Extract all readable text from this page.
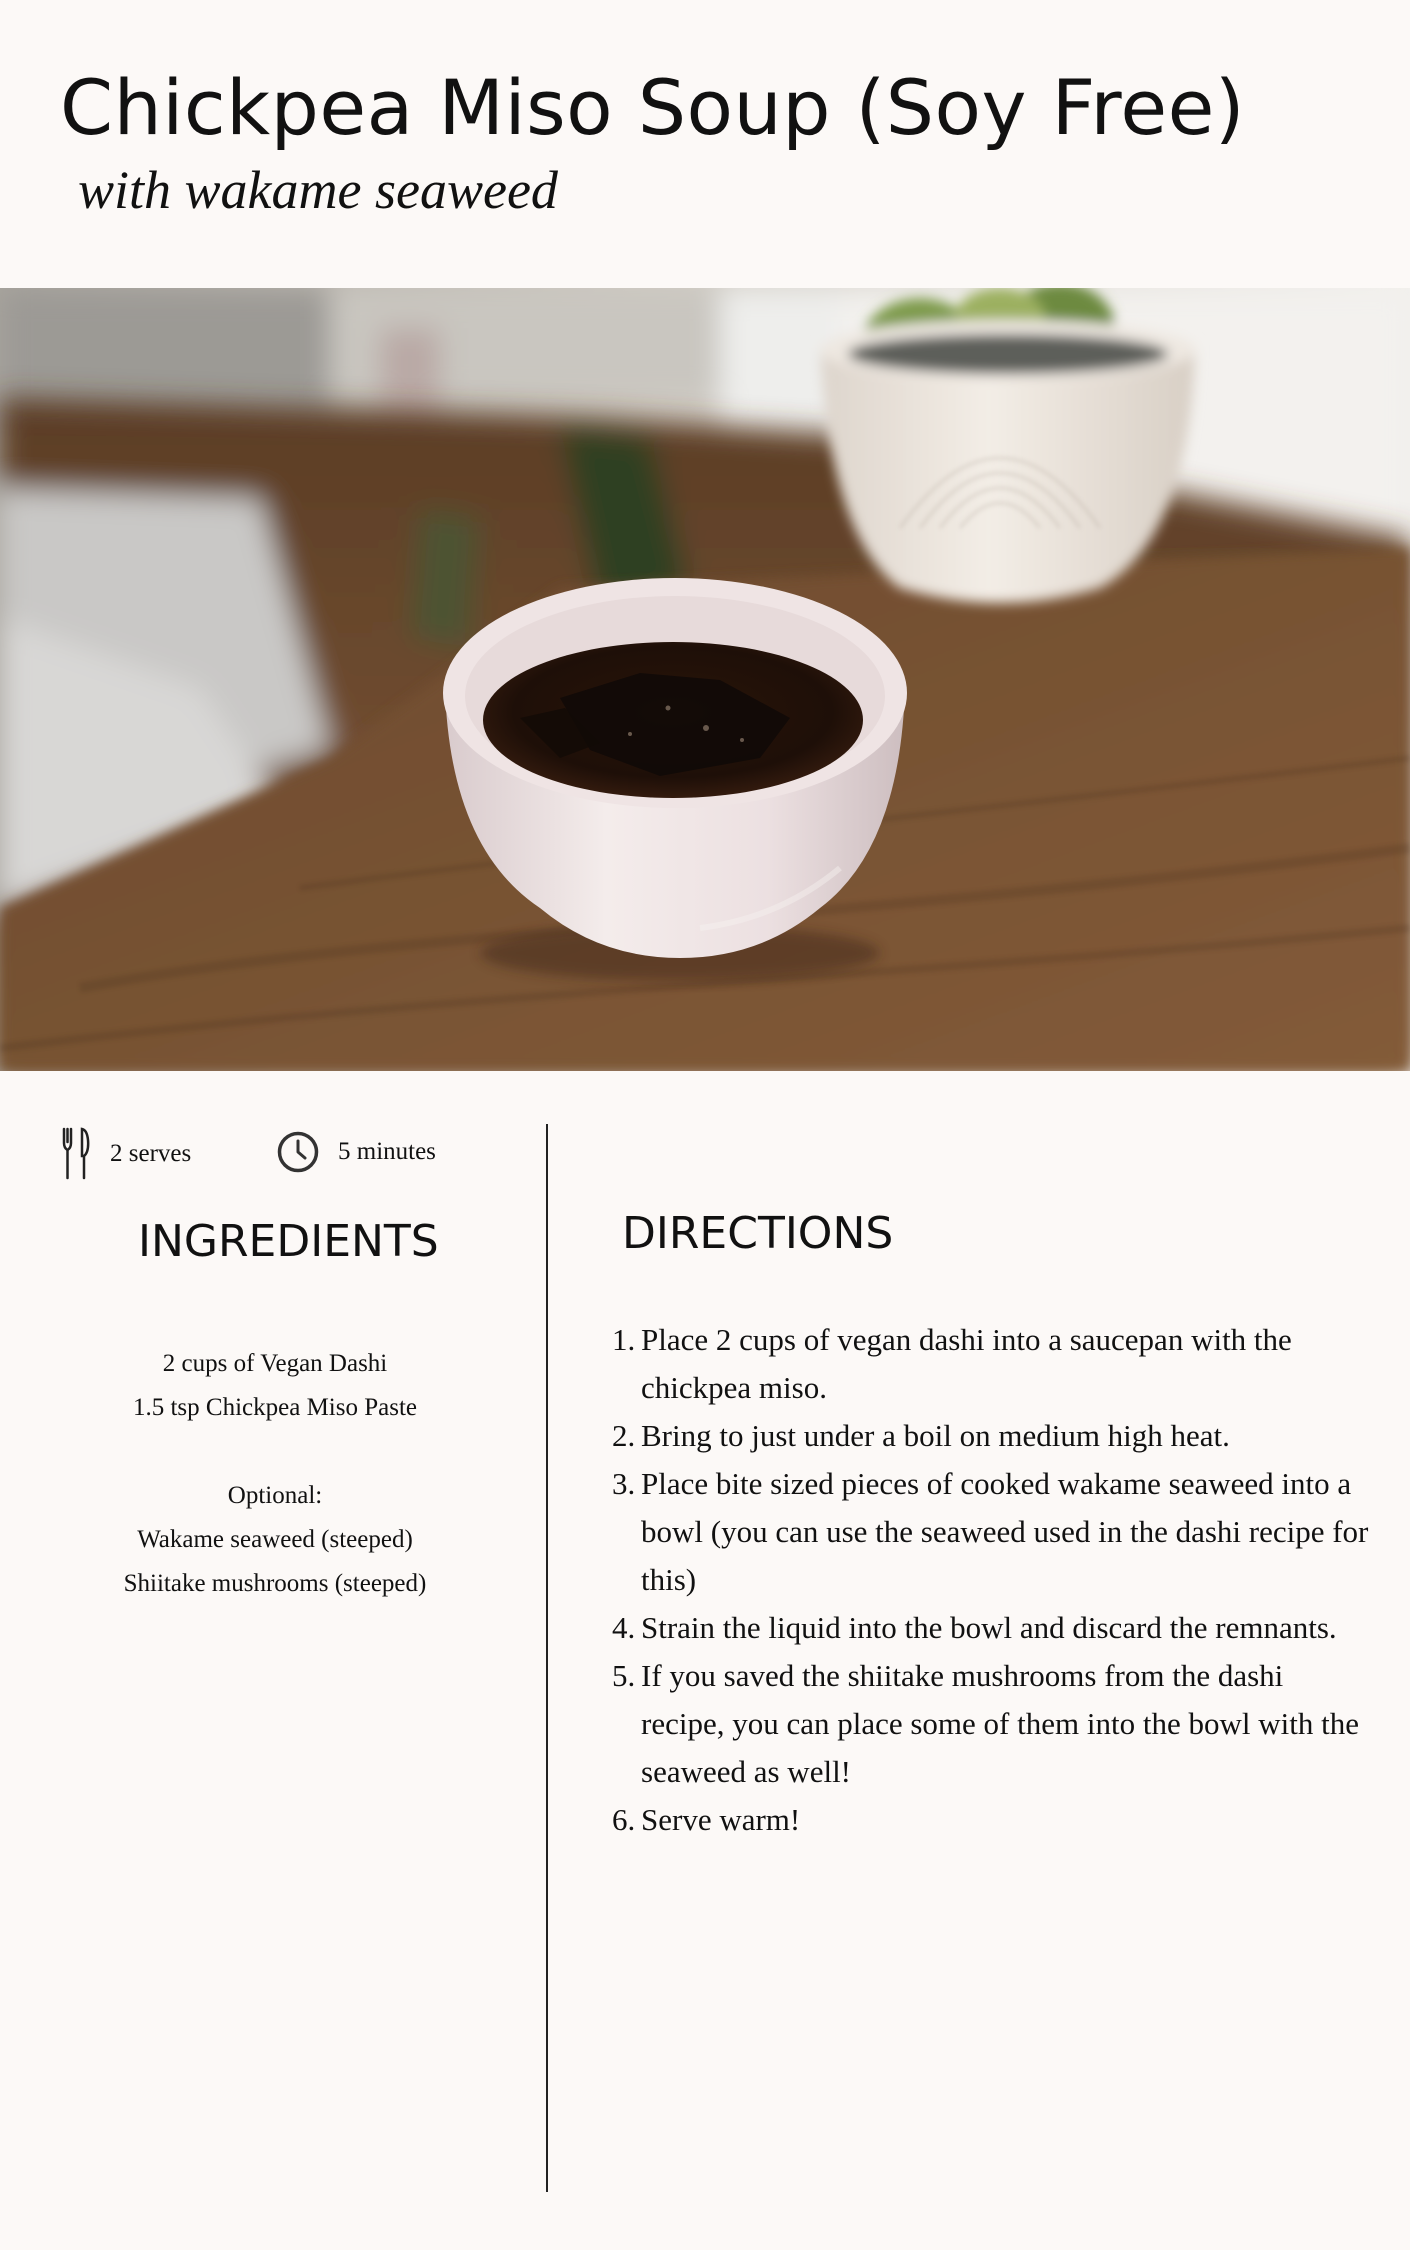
Chickpea Miso Soup (Soy Free)
with wakame seaweed
2 serves	5 minutes
INGREDIENTS
2 cups of Vegan Dashi
1.5 tsp Chickpea Miso Paste
Optional:
Wakame seaweed (steeped)
Shiitake mushrooms (steeped)
DIRECTIONS
1. Place 2 cups of vegan dashi into a saucepan with the chickpea miso.
2. Bring to just under a boil on medium high heat.
3. Place bite sized pieces of cooked wakame seaweed into a bowl (you can use the seaweed used in the dashi recipe for this)
4. Strain the liquid into the bowl and discard the remnants.
5. If you saved the shiitake mushrooms from the dashi recipe, you can place some of them into the bowl with the seaweed as well!
6. Serve warm!
